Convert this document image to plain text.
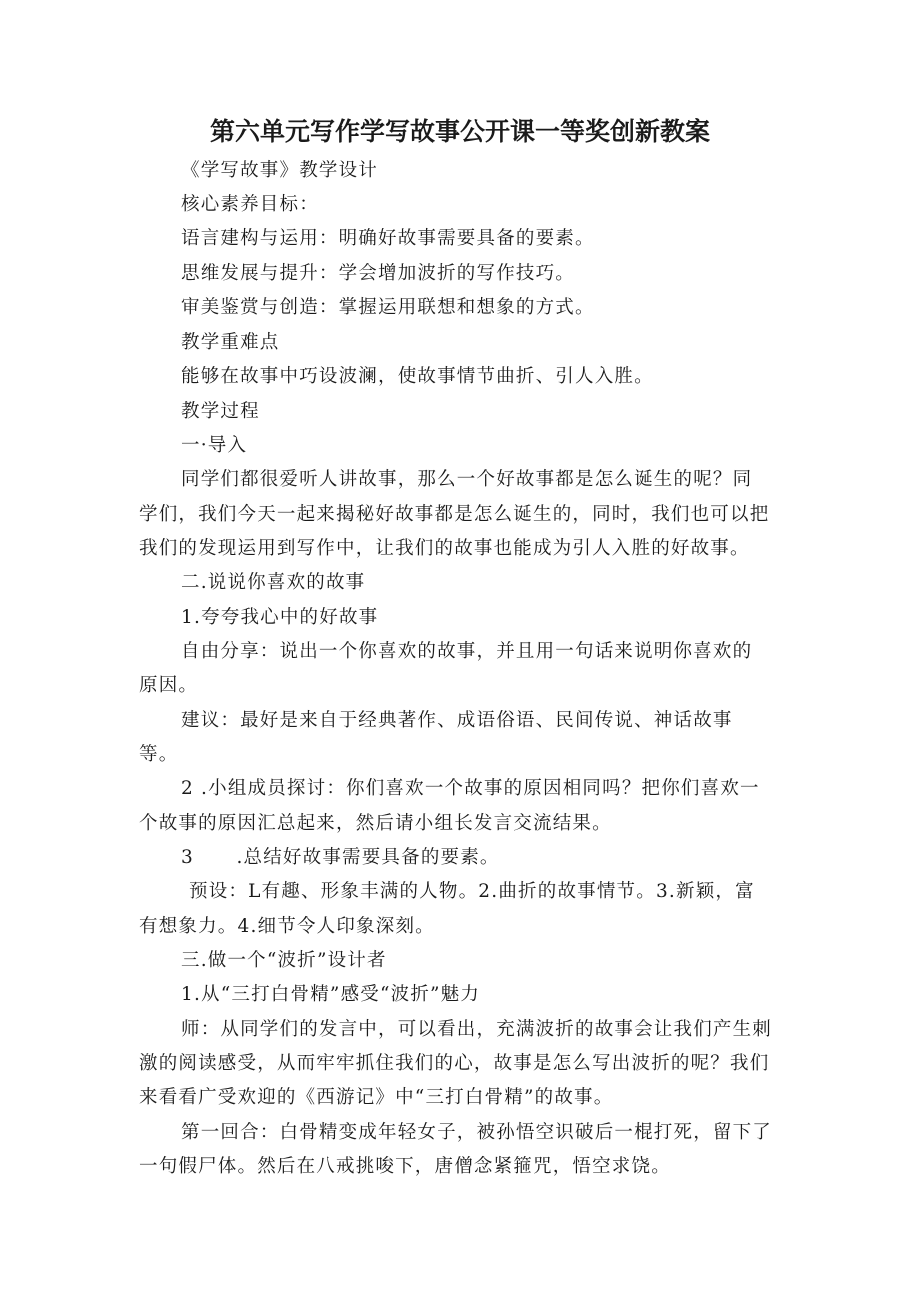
第六单元写作学写故事公开课一等奖创新教案
《学写故事》教学设计
核心素养目标：
语言建构与运用：明确好故事需要具备的要素。
思维发展与提升：学会增加波折的写作技巧。
审美鉴赏与创造：掌握运用联想和想象的方式。
教学重难点
能够在故事中巧设波澜，使故事情节曲折、引人入胜。
教学过程
一·导入
同学们都很爱听人讲故事，那么一个好故事都是怎么诞生的呢？同
学们，我们今天一起来揭秘好故事都是怎么诞生的，同时，我们也可以把
我们的发现运用到写作中，让我们的故事也能成为引人入胜的好故事。
二.说说你喜欢的故事
1.夸夸我心中的好故事
自由分享：说出一个你喜欢的故事，并且用一句话来说明你喜欢的
原因。
建议：最好是来自于经典著作、成语俗语、民间传说、神话故事
等。
2 .小组成员探讨：你们喜欢一个故事的原因相同吗？把你们喜欢一
个故事的原因汇总起来，然后请小组长发言交流结果。
3      .总结好故事需要具备的要素。
预设：L有趣、形象丰满的人物。2.曲折的故事情节。3.新颖，富
有想象力。4.细节令人印象深刻。
三.做一个“波折”设计者
1.从“三打白骨精”感受“波折”魅力
师：从同学们的发言中，可以看出，充满波折的故事会让我们产生刺
激的阅读感受，从而牢牢抓住我们的心，故事是怎么写出波折的呢？我们
来看看广受欢迎的《西游记》中“三打白骨精”的故事。
第一回合：白骨精变成年轻女子，被孙悟空识破后一棍打死，留下了
一句假尸体。然后在八戒挑唆下，唐僧念紧箍咒，悟空求饶。
